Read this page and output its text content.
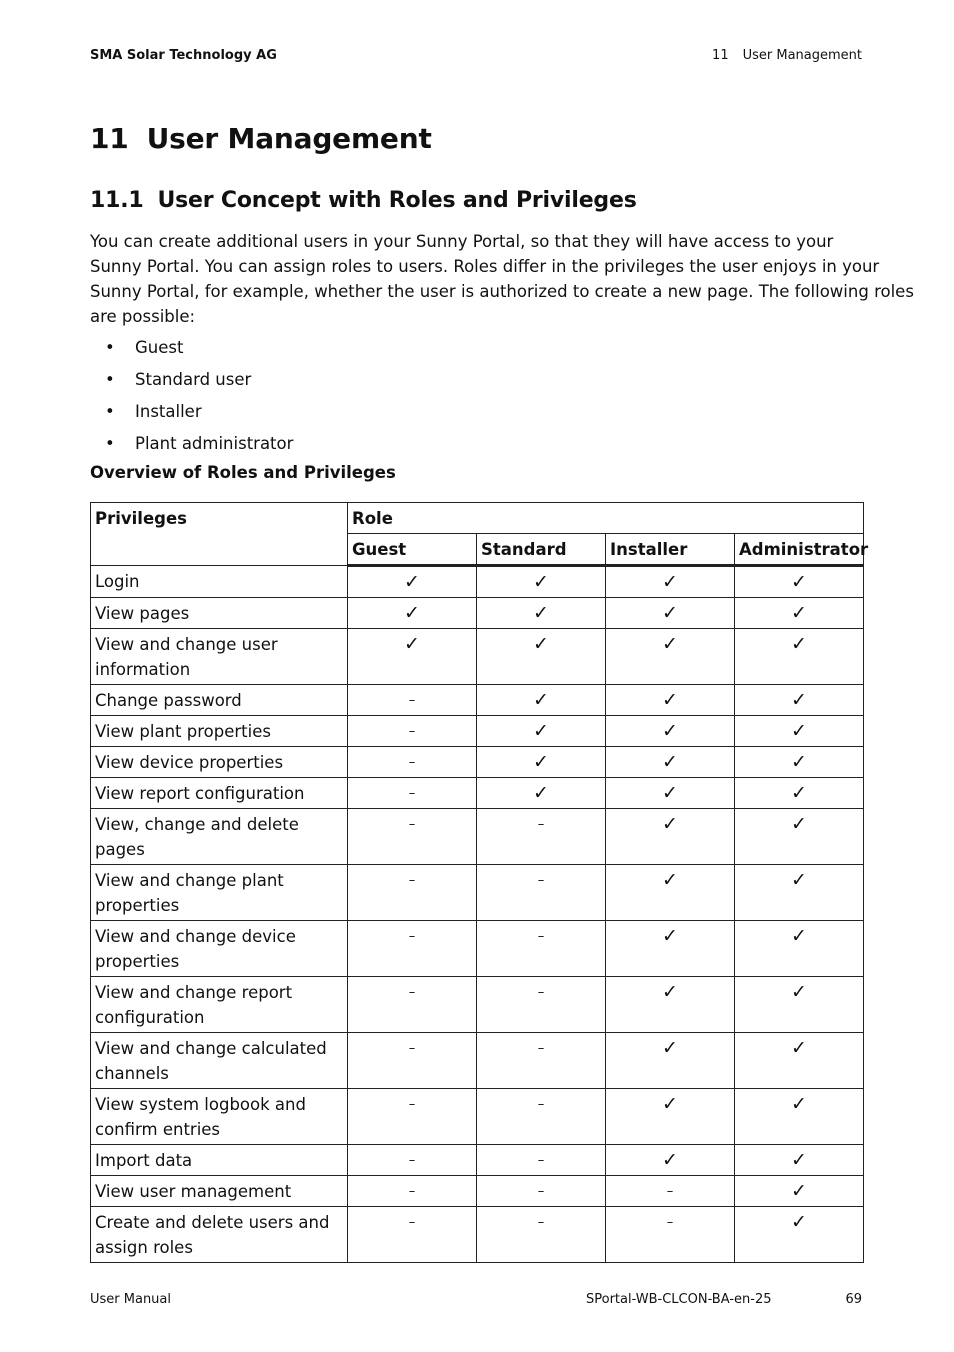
SMA Solar Technology AG	11 User Management
11 User Management
11.1 User Concept with Roles and Privileges

You can create additional users in your Sunny Portal, so that they will have access to your
Sunny Portal. You can assign roles to users. Roles differ in the privileges the user enjoys in your
Sunny Portal, for example, whether the user is authorized to create a new page. The following roles
are possible:

• Guest
• Standard user
• Installer
• Plant administrator

Overview of Roles and Privileges

Privileges	Role			
	Guest	Standard	Installer	Administrator
Login	✓	✓	✓	✓
View pages	✓	✓	✓	✓
View and change user
information	✓	✓	✓	✓
Change password	–	✓	✓	✓
View plant properties	–	✓	✓	✓
View device properties	–	✓	✓	✓
View report configuration	–	✓	✓	✓
View, change and delete pages	–	–	✓	✓
View and change plant
properties	–	–	✓	✓
View and change device
properties	–	–	✓	✓
View and change report
configuration	–	–	✓	✓
View and change calculated
channels	–	–	✓	✓
View system logbook and
confirm entries	–	–	✓	✓
Import data	–	–	✓	✓
View user management	–	–	–	✓
Create and delete users and
assign roles	–	–	–	✓
User Manual	SPortal-WB-CLCON-BA-en-25	69
